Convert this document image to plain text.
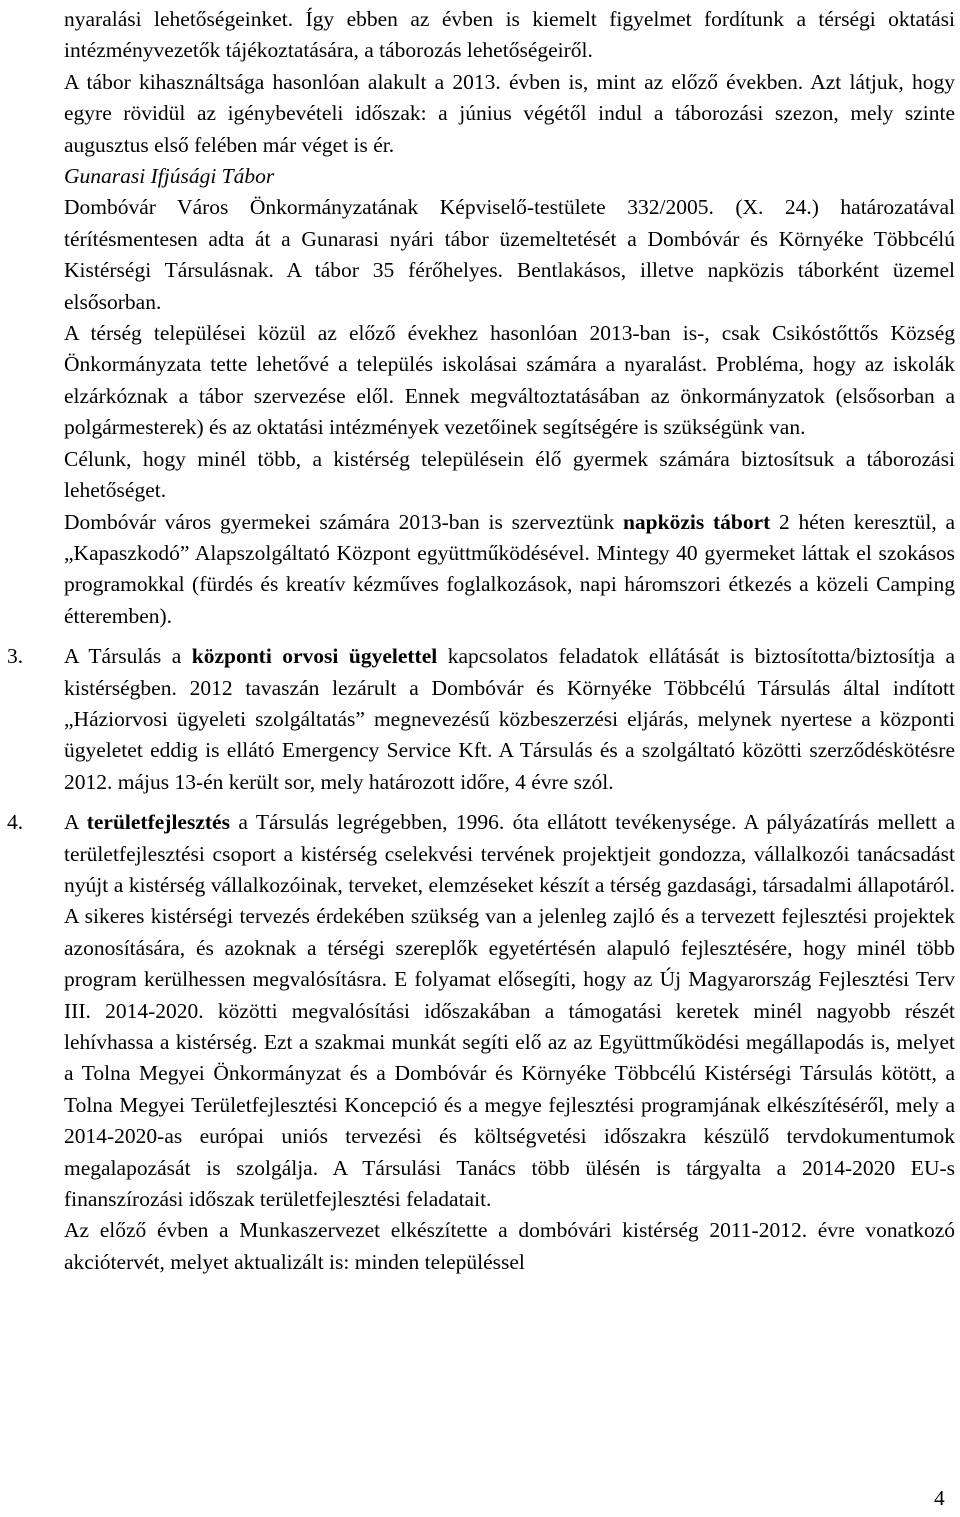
nyaralási lehetőségeinket. Így ebben az évben is kiemelt figyelmet fordítunk a térségi oktatási intézményvezetők tájékoztatására, a táborozás lehetőségeiről.

A tábor kihasználtsága hasonlóan alakult a 2013. évben is, mint az előző években. Azt látjuk, hogy egyre rövidül az igénybevételi időszak: a június végétől indul a táborozási szezon, mely szinte augusztus első felében már véget is ér.

Gunarasi Ifjúsági Tábor

Dombóvár Város Önkormányzatának Képviselő-testülete 332/2005. (X. 24.) határozatával térítésmentesen adta át a Gunarasi nyári tábor üzemeltetését a Dombóvár és Környéke Többcélú Kistérségi Társulásnak. A tábor 35 férőhelyes. Bentlakásos, illetve napközis táborként üzemel elsősorban.

A térség települései közül az előző évekhez hasonlóan 2013-ban is-, csak Csikóstőttős Község Önkormányzata tette lehetővé a település iskolásai számára a nyaralást. Probléma, hogy az iskolák elzárkóznak a tábor szervezése elől. Ennek megváltoztatásában az önkormányzatok (elsősorban a polgármesterek) és az oktatási intézmények vezetőinek segítségére is szükségünk van.

Célunk, hogy minél több, a kistérség településein élő gyermek számára biztosítsuk a táborozási lehetőséget.

Dombóvár város gyermekei számára 2013-ban is szerveztünk napközis tábort 2 héten keresztül, a „Kapaszkodó” Alapszolgáltató Központ együttműködésével. Mintegy 40 gyermeket láttak el szokásos programokkal (fürdés és kreatív kézműves foglalkozások, napi háromszori étkezés a közeli Camping étteremben).

3. A Társulás a központi orvosi ügyelettel kapcsolatos feladatok ellátását is biztosította/biztosítja a kistérségben. 2012 tavaszán lezárult a Dombóvár és Környéke Többcélú Társulás által indított „Háziorvosi ügyeleti szolgáltatás” megnevezésű közbeszerzési eljárás, melynek nyertese a központi ügyeletet eddig is ellátó Emergency Service Kft. A Társulás és a szolgáltató közötti szerződéskötésre 2012. május 13-én került sor, mely határozott időre, 4 évre szól.

4. A területfejlesztés a Társulás legrégebben, 1996. óta ellátott tevékenysége. A pályázatírás mellett a területfejlesztési csoport a kistérség cselekvési tervének projektjeit gondozza, vállalkozói tanácsadást nyújt a kistérség vállalkozóinak, terveket, elemzéseket készít a térség gazdasági, társadalmi állapotáról. A sikeres kistérségi tervezés érdekében szükség van a jelenleg zajló és a tervezett fejlesztési projektek azonosítására, és azoknak a térségi szereplők egyetértésén alapuló fejlesztésére, hogy minél több program kerülhessen megvalósításra. E folyamat elősegíti, hogy az Új Magyarország Fejlesztési Terv III. 2014-2020. közötti megvalósítási időszakában a támogatási keretek minél nagyobb részét lehívhassa a kistérség. Ezt a szakmai munkát segíti elő az az Együttműködési megállapodás is, melyet a Tolna Megyei Önkormányzat és a Dombóvár és Környéke Többcélú Kistérségi Társulás kötött, a Tolna Megyei Területfejlesztési Koncepció és a megye fejlesztési programjának elkészítéséről, mely a 2014-2020-as európai uniós tervezési és költségvetési időszakra készülő tervdokumentumok megalapozását is szolgálja. A Társulási Tanács több ülésén is tárgyalta a 2014-2020 EU-s finanszírozási időszak területfejlesztési feladatait.

Az előző évben a Munkaszervezet elkészítette a dombóvári kistérség 2011-2012. évre vonatkozó akciótervét, melyet aktualizált is: minden településsel

4
